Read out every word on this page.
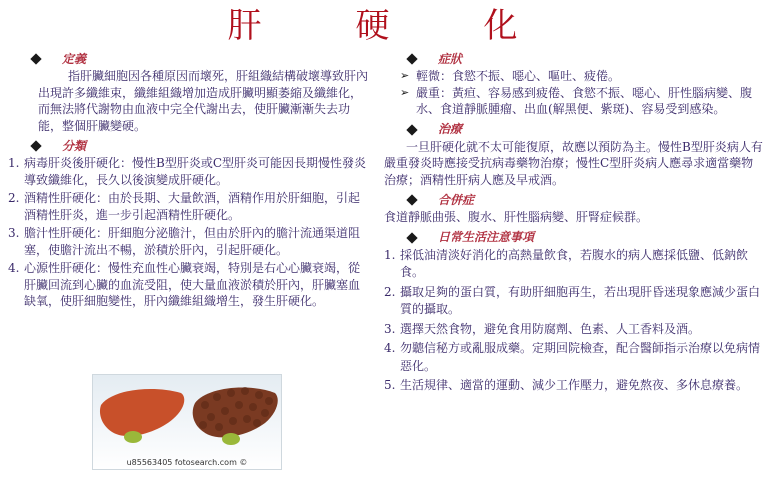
肝　硬　化
定義

指肝臟細胞因各種原因而壞死，肝組織結構破壞導致肝內出現許多纖維束，纖維組織增加造成肝臟明顯萎縮及纖維化，而無法將代謝物由血液中完全代謝出去，使肝臟漸漸失去功能，整個肝臟變硬。

分類
1. 病毒肝炎後肝硬化：慢性B型肝炎或C型肝炎可能因長期慢性發炎導致纖維化，長久以後演變成肝硬化。
2. 酒精性肝硬化：由於長期、大量飲酒，酒精作用於肝細胞，引起酒精性肝炎，進一步引起酒精性肝硬化。
3. 膽汁性肝硬化：肝細胞分泌膽汁，但由於肝內的膽汁流通渠道阻塞，使膽汁流出不暢，淤積於肝內，引起肝硬化。
4. 心源性肝硬化：慢性充血性心臟衰竭，特別是右心心臟衰竭，從肝臟回流到心臟的血流受阻，使大量血液淤積於肝內，肝臟塞血缺氧，使肝細胞變性，肝內纖維組織增生，發生肝硬化。
u85563405 fotosearch.com ©
症狀
➢ 輕微：食慾不振、噁心、嘔吐、疲倦。
➢ 嚴重：黃疸、容易感到疲倦、食慾不振、噁心、肝性腦病變、腹水、食道靜脈腫瘤、出血(解黑便、紫斑)、容易受到感染。
治療

一旦肝硬化就不太可能復原，故應以預防為主。慢性B型肝炎病人有嚴重發炎時應接受抗病毒藥物治療；慢性C型肝炎病人應尋求適當藥物治療；酒精性肝病人應及早戒酒。

合併症

食道靜脈曲張、腹水、肝性腦病變、肝腎症候群。

日常生活注意事項
1. 採低油清淡好消化的高熱量飲食，若腹水的病人應採低鹽、低鈉飲食。
2. 攝取足夠的蛋白質，有助肝細胞再生，若出現肝昏迷現象應減少蛋白質的攝取。
3. 選擇天然食物，避免食用防腐劑、色素、人工香料及酒。
4. 勿聽信秘方或亂服成藥。定期回院檢查，配合醫師指示治療以免病情惡化。
5. 生活規律、適當的運動、減少工作壓力，避免熬夜、多休息療養。
